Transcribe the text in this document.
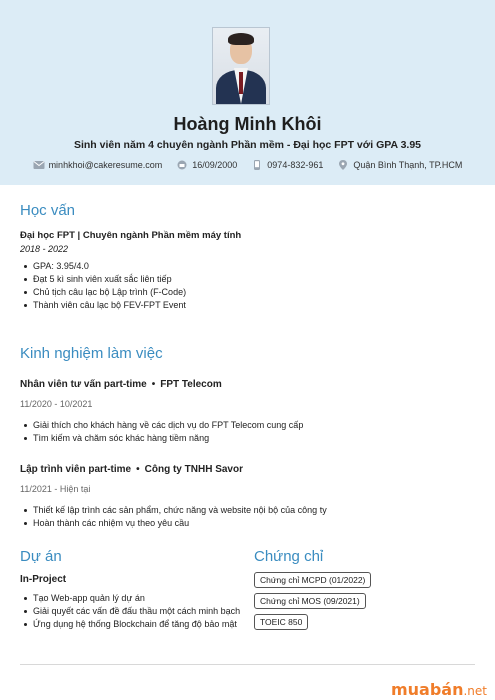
Hoàng Minh Khôi
Sinh viên năm 4 chuyên ngành Phần mềm - Đại học FPT với GPA 3.95
minhkhoi@cakeresume.com	16/09/2000	0974-832-961	Quận Bình Thạnh, TP.HCM
Học vấn
Đại học FPT | Chuyên ngành Phần mềm máy tính
2018 - 2022
GPA: 3.95/4.0
Đạt 5 kì sinh viên xuất sắc liên tiếp
Chủ tịch câu lạc bộ Lập trình (F-Code)
Thành viên câu lạc bộ FEV-FPT Event
Kinh nghiệm làm việc
Nhân viên tư vấn part-time • FPT Telecom
11/2020 - 10/2021
Giải thích cho khách hàng về các dịch vụ do FPT Telecom cung cấp
Tìm kiếm và chăm sóc khác hàng tiềm năng
Lập trình viên part-time • Công ty TNHH Savor
11/2021 - Hiện tại
Thiết kế lập trình các sản phẩm, chức năng và website nội bộ của công ty
Hoàn thành các nhiệm vụ theo yêu cầu
Dự án
In-Project
Tạo Web-app quản lý dự án
Giải quyết các vấn đề đấu thầu một cách minh bạch
Ứng dụng hệ thống Blockchain để tăng độ bảo mật
Chứng chỉ
Chứng chỉ MCPD (01/2022)
Chứng chỉ MOS (09/2021)
TOEIC 850
muabán.net
